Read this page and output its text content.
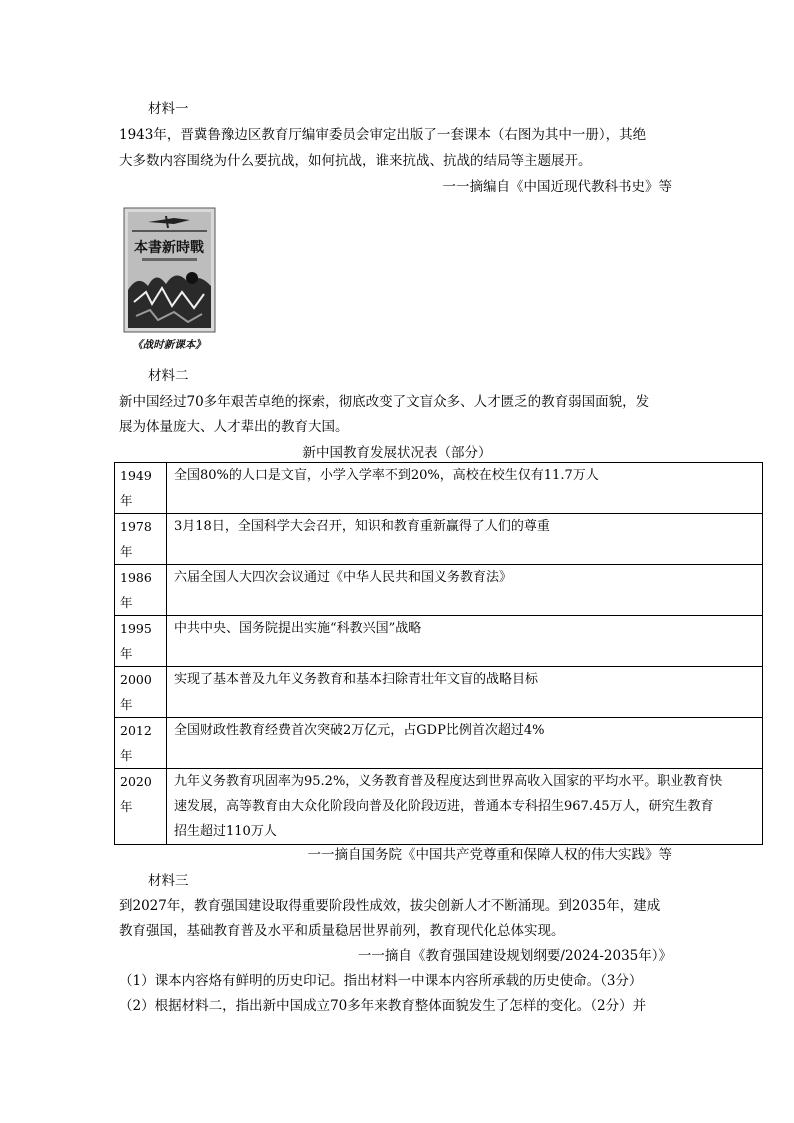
材料一
1943年，晋冀鲁豫边区教育厅编审委员会审定出版了一套课本（右图为其中一册），其绝
大多数内容围绕为什么要抗战，如何抗战，谁来抗战、抗战的结局等主题展开。
一一摘编自《中国近现代教科书史》等
本書新時戰
《战时新课本》
材料二
新中国经过70多年艰苦卓绝的探索，彻底改变了文盲众多、人才匮乏的教育弱国面貌，发
展为体量庞大、人才辈出的教育大国。
新中国教育发展状况表（部分）
1949
年	全国80%的人口是文盲，小学入学率不到20%，高校在校生仅有11.7万人
1978
年	3月18日，全国科学大会召开，知识和教育重新赢得了人们的尊重
1986
年	六届全国人大四次会议通过《中华人民共和国义务教育法》
1995
年	中共中央、国务院提出实施“科教兴国”战略
2000
年	实现了基本普及九年义务教育和基本扫除青壮年文盲的战略目标
2012
年	全国财政性教育经费首次突破2万亿元，占GDP比例首次超过4%
2020
年	九年义务教育巩固率为95.2%，义务教育普及程度达到世界高收入国家的平均水平。职业教育快
速发展，高等教育由大众化阶段向普及化阶段迈进，普通本专科招生967.45万人，研究生教育
招生超过110万人
一一摘自国务院《中国共产党尊重和保障人权的伟大实践》等
材料三
到2027年，教育强国建设取得重要阶段性成效，拔尖创新人才不断涌现。到2035年，建成
教育强国，基础教育普及水平和质量稳居世界前列，教育现代化总体实现。
一一摘自《教育强国建设规划纲要/2024-2035年）》
（1）课本内容烙有鲜明的历史印记。指出材料一中课本内容所承载的历史使命。（3分）
（2）根据材料二，指出新中国成立70多年来教育整体面貌发生了怎样的变化。（2分）并
